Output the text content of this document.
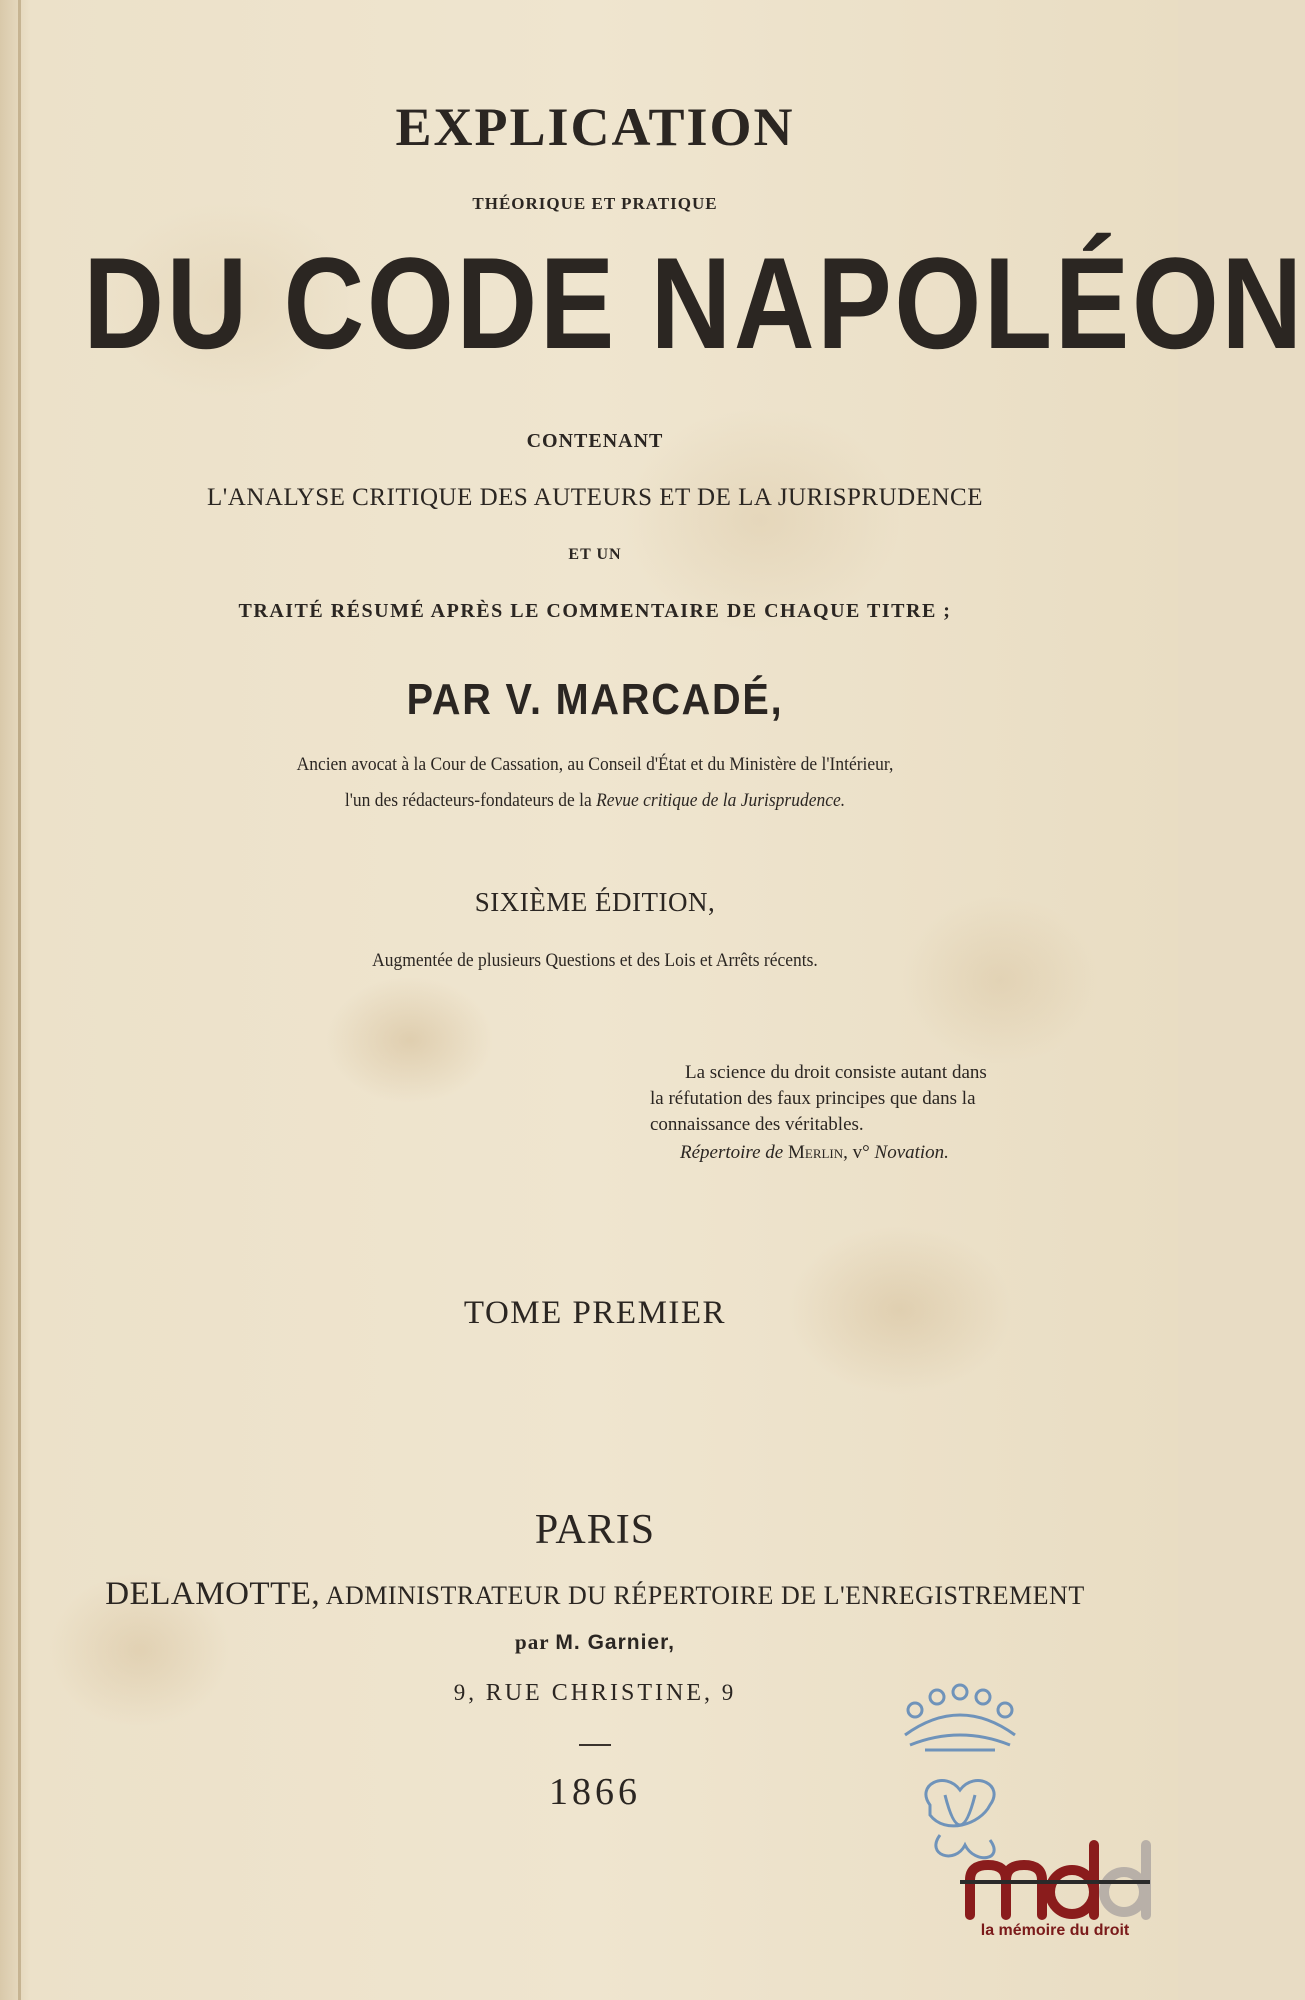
EXPLICATION
THÉORIQUE ET PRATIQUE
DU CODE NAPOLÉON
CONTENANT
L'ANALYSE CRITIQUE DES AUTEURS ET DE LA JURISPRUDENCE
ET UN
TRAITÉ RÉSUMÉ APRÈS LE COMMENTAIRE DE CHAQUE TITRE ;
PAR V. MARCADÉ,
Ancien avocat à la Cour de Cassation, au Conseil d'État et du Ministère de l'Intérieur,
l'un des rédacteurs-fondateurs de la Revue critique de la Jurisprudence.
SIXIÈME ÉDITION,
Augmentée de plusieurs Questions et des Lois et Arrêts récents.
La science du droit consiste autant dans
la réfutation des faux principes que dans la
connaissance des véritables.
Répertoire de Merlin, v° Novation.
TOME PREMIER
PARIS
DELAMOTTE, ADMINISTRATEUR DU RÉPERTOIRE DE L'ENREGISTREMENT
par M. Garnier,
9, RUE CHRISTINE, 9
1866
la mémoire du droit
